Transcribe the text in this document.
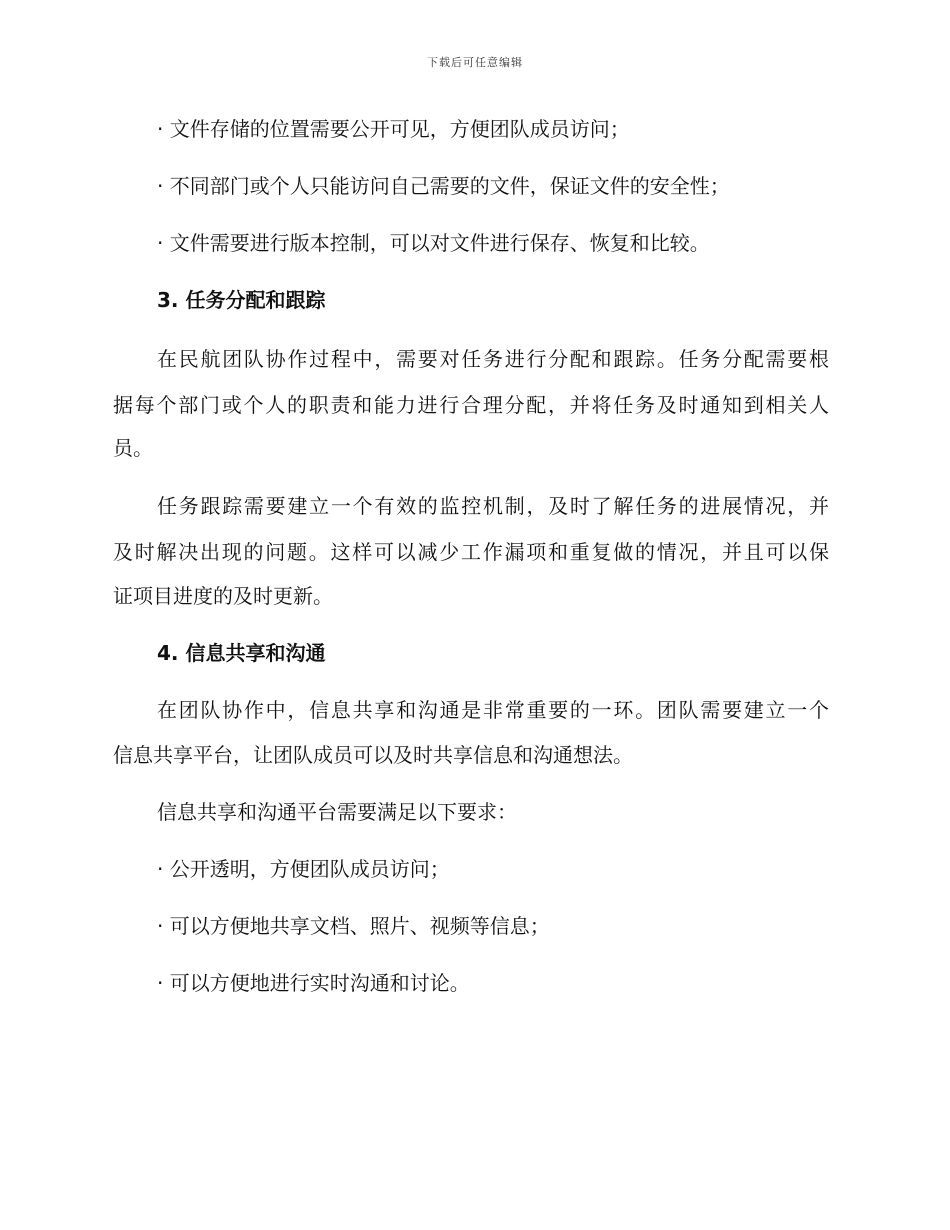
下载后可任意编辑

· 文件存储的位置需要公开可见，方便团队成员访问；

· 不同部门或个人只能访问自己需要的文件，保证文件的安全性；

· 文件需要进行版本控制，可以对文件进行保存、恢复和比较。

3. 任务分配和跟踪

在民航团队协作过程中，需要对任务进行分配和跟踪。任务分配需要根

据每个部门或个人的职责和能力进行合理分配，并将任务及时通知到相关人

员。

任务跟踪需要建立一个有效的监控机制，及时了解任务的进展情况，并

及时解决出现的问题。这样可以减少工作漏项和重复做的情况，并且可以保

证项目进度的及时更新。

4. 信息共享和沟通

在团队协作中，信息共享和沟通是非常重要的一环。团队需要建立一个

信息共享平台，让团队成员可以及时共享信息和沟通想法。

信息共享和沟通平台需要满足以下要求：

· 公开透明，方便团队成员访问；

· 可以方便地共享文档、照片、视频等信息；

· 可以方便地进行实时沟通和讨论。
